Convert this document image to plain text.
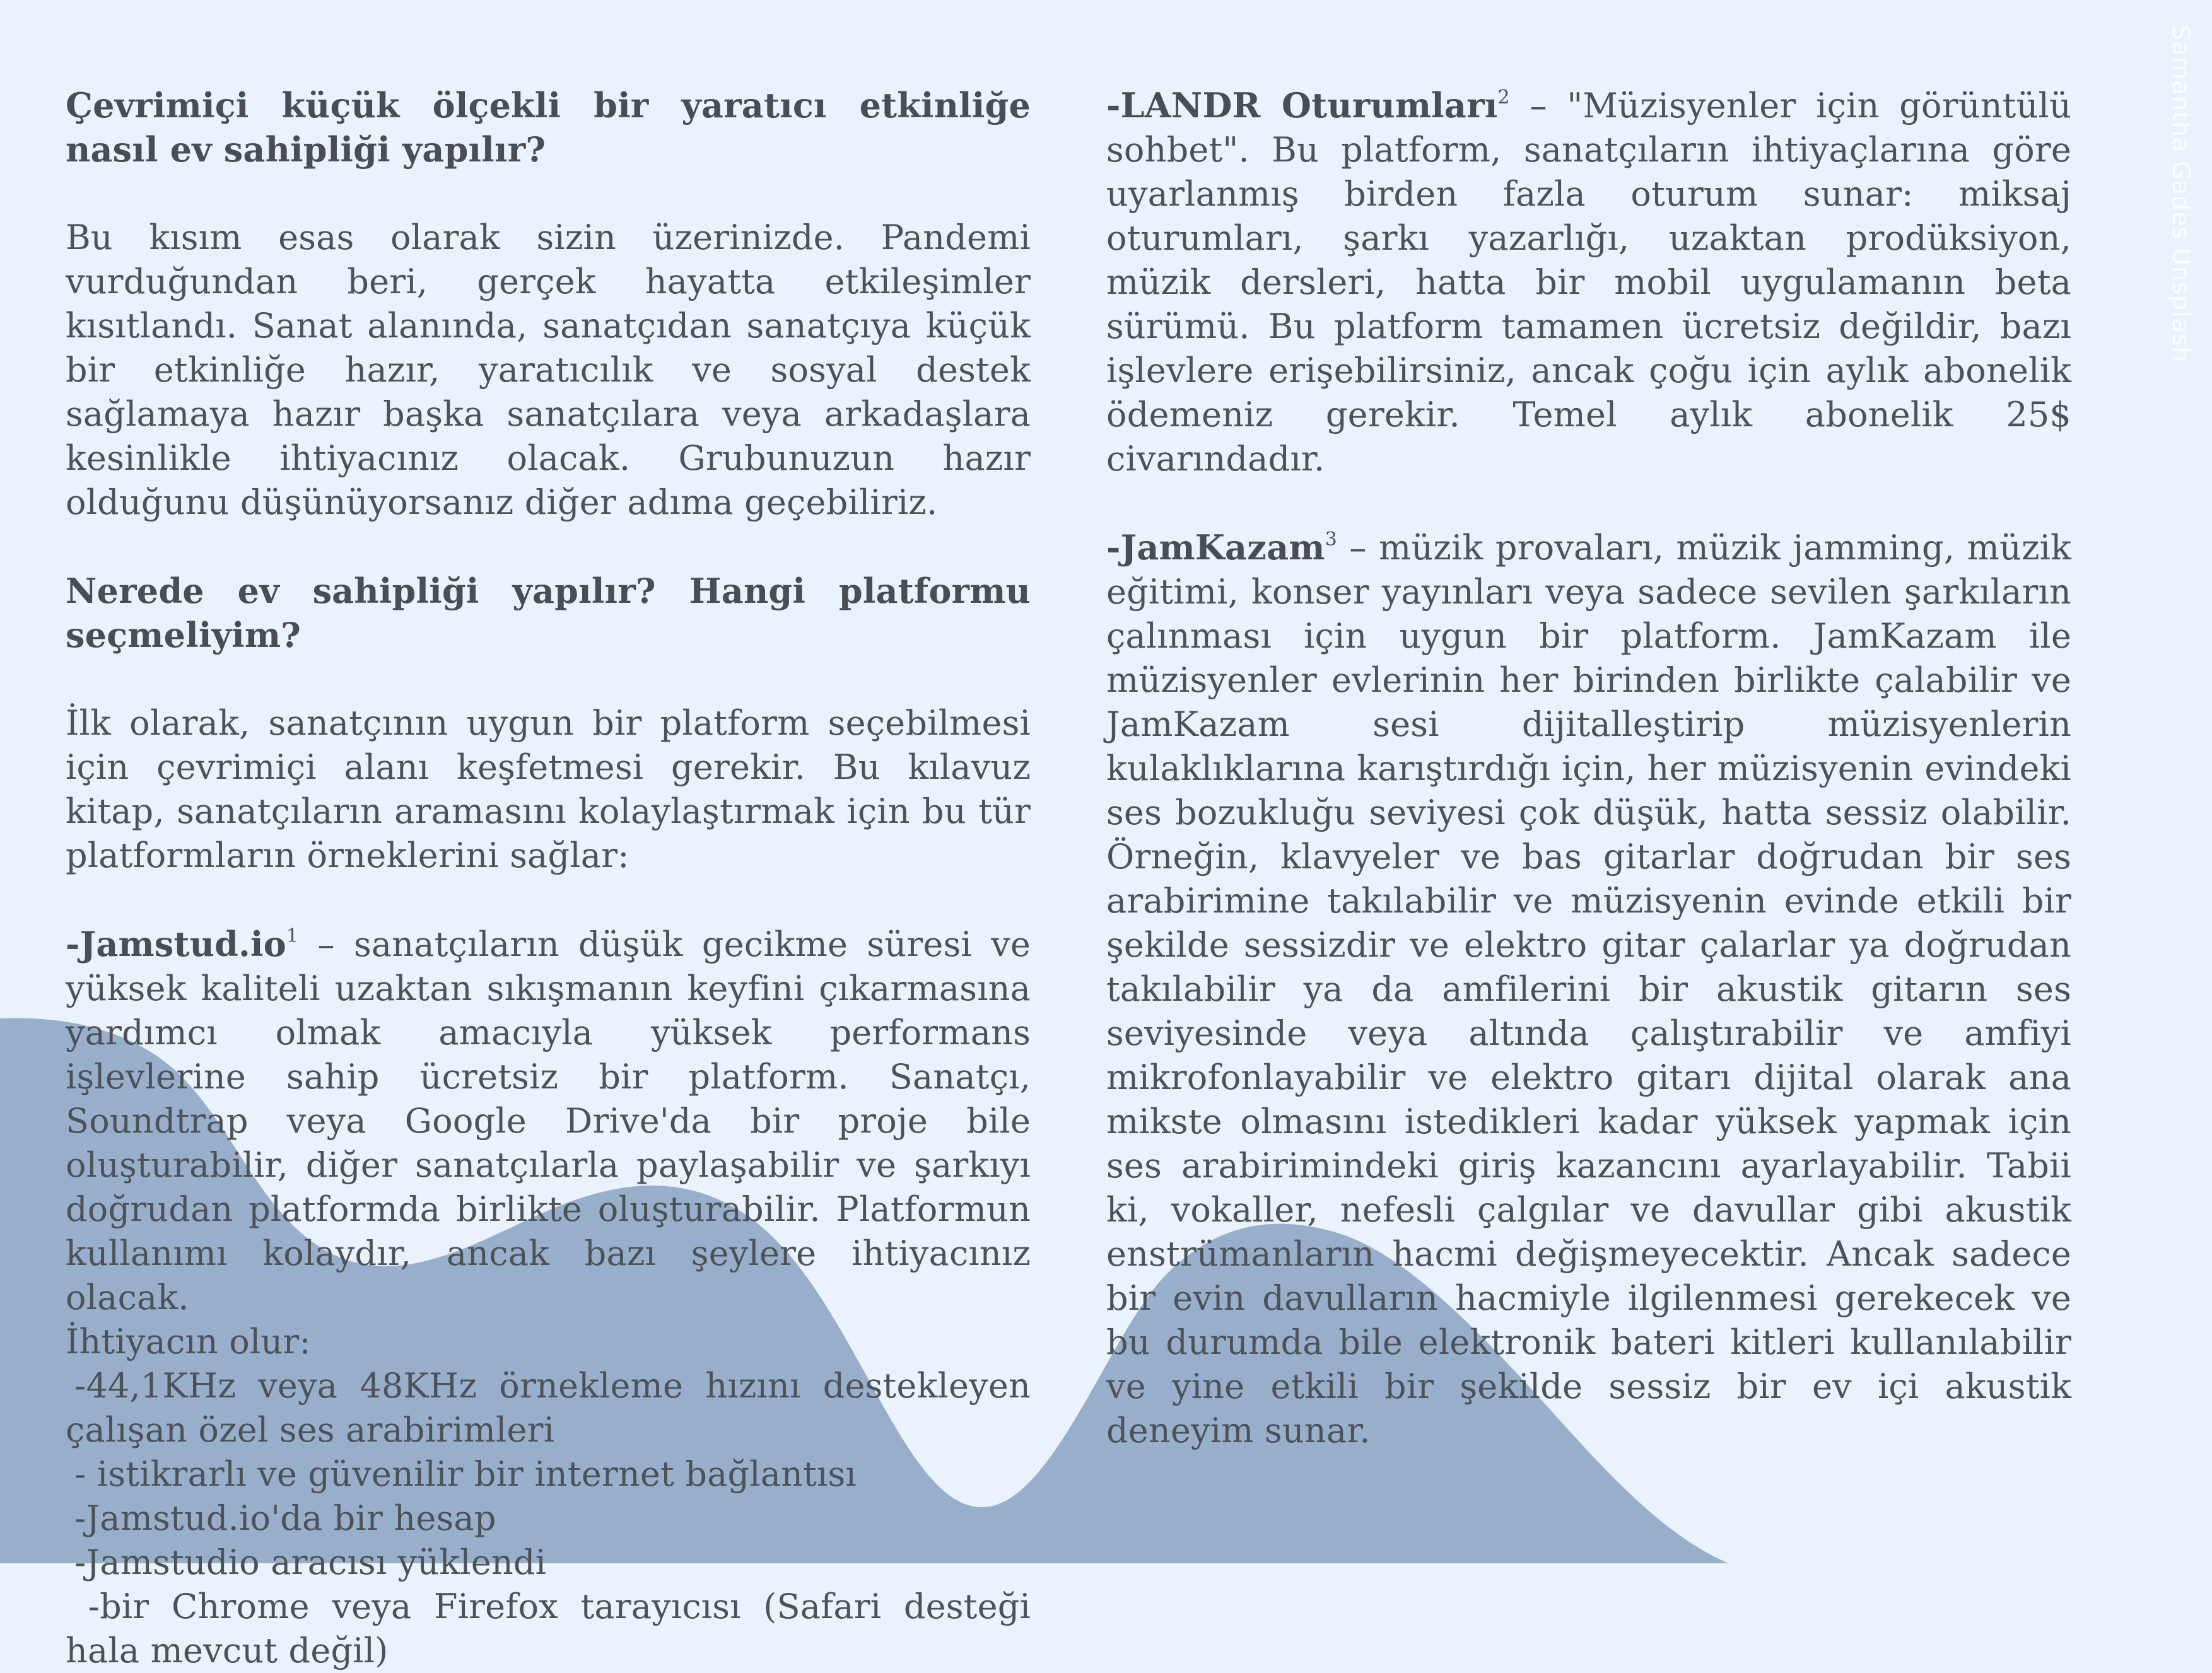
Samantha Gades Unsplash

Çevrimiçi küçük ölçekli bir yaratıcı etkinliğe nasıl ev sahipliği yapılır?

Bu kısım esas olarak sizin üzerinizde. Pandemi vurduğundan beri, gerçek hayatta etkileşimler kısıtlandı. Sanat alanında, sanatçıdan sanatçıya küçük bir etkinliğe hazır, yaratıcılık ve sosyal destek sağlamaya hazır başka sanatçılara veya arkadaşlara kesinlikle ihtiyacınız olacak. Grubunuzun hazır olduğunu düşünüyorsanız diğer adıma geçebiliriz.

Nerede ev sahipliği yapılır? Hangi platformu seçmeliyim?

İlk olarak, sanatçının uygun bir platform seçebilmesi için çevrimiçi alanı keşfetmesi gerekir. Bu kılavuz kitap, sanatçıların aramasını kolaylaştırmak için bu tür platformların örneklerini sağlar:

$-Jamstud.io^1$ – sanatçıların düşük gecikme süresi ve yüksek kaliteli uzaktan sıkışmanın keyfini çıkarmasına yardımcı olmak amacıyla yüksek performans işlevlerine sahip ücretsiz bir platform. Sanatçı, Soundtrap veya Google Drive'da bir proje bile oluşturabilir, diğer sanatçılarla paylaşabilir ve şarkıyı doğrudan platformda birlikte oluşturabilir. Platformun kullanımı kolaydır, ancak bazı şeylere ihtiyacınız olacak.

İhtiyacın olur:

-44,1KHz veya 48KHz örnekleme hızını destekleyen çalışan özel ses arabirimleri

- istikrarlı ve güvenilir bir internet bağlantısı

-Jamstud.io'da bir hesap

-Jamstudio aracısı yüklendi

-bir Chrome veya Firefox tarayıcısı (Safari desteği hala mevcut değil)

-LANDR Oturumları$^2$ – "Müzisyenler için görüntülü sohbet". Bu platform, sanatçıların ihtiyaçlarına göre uyarlanmış birden fazla oturum sunar: miksaj oturumları, şarkı yazarlığı, uzaktan prodüksiyon, müzik dersleri, hatta bir mobil uygulamanın beta sürümü. Bu platform tamamen ücretsiz değildir, bazı işlevlere erişebilirsiniz, ancak çoğu için aylık abonelik ödemeniz gerekir. Temel aylık abonelik 25$ civarındadır.

-JamKazam$^3$ – müzik provaları, müzik jamming, müzik eğitimi, konser yayınları veya sadece sevilen şarkıların çalınması için uygun bir platform. JamKazam ile müzisyenler evlerinin her birinden birlikte çalabilir ve JamKazam sesi dijitalleştirip müzisyenlerin kulaklıklarına karıştırdığı için, her müzisyenin evindeki ses bozukluğu seviyesi çok düşük, hatta sessiz olabilir. Örneğin, klavyeler ve bas gitarlar doğrudan bir ses arabirimine takılabilir ve müzisyenin evinde etkili bir şekilde sessizdir ve elektro gitar çalarlar ya doğrudan takılabilir ya da amfilerini bir akustik gitarın ses seviyesinde veya altında çalıştırabilir ve amfiyi mikrofonlayabilir ve elektro gitarı dijital olarak ana mikste olmasını istedikleri kadar yüksek yapmak için ses arabirimindeki giriş kazancını ayarlayabilir. Tabii ki, vokaller, nefesli çalgılar ve davullar gibi akustik enstrümanların hacmi değişmeyecektir. Ancak sadece bir evin davulların hacmiyle ilgilenmesi gerekecek ve bu durumda bile elektronik bateri kitleri kullanılabilir ve yine etkili bir şekilde sessiz bir ev içi akustik deneyim sunar.
